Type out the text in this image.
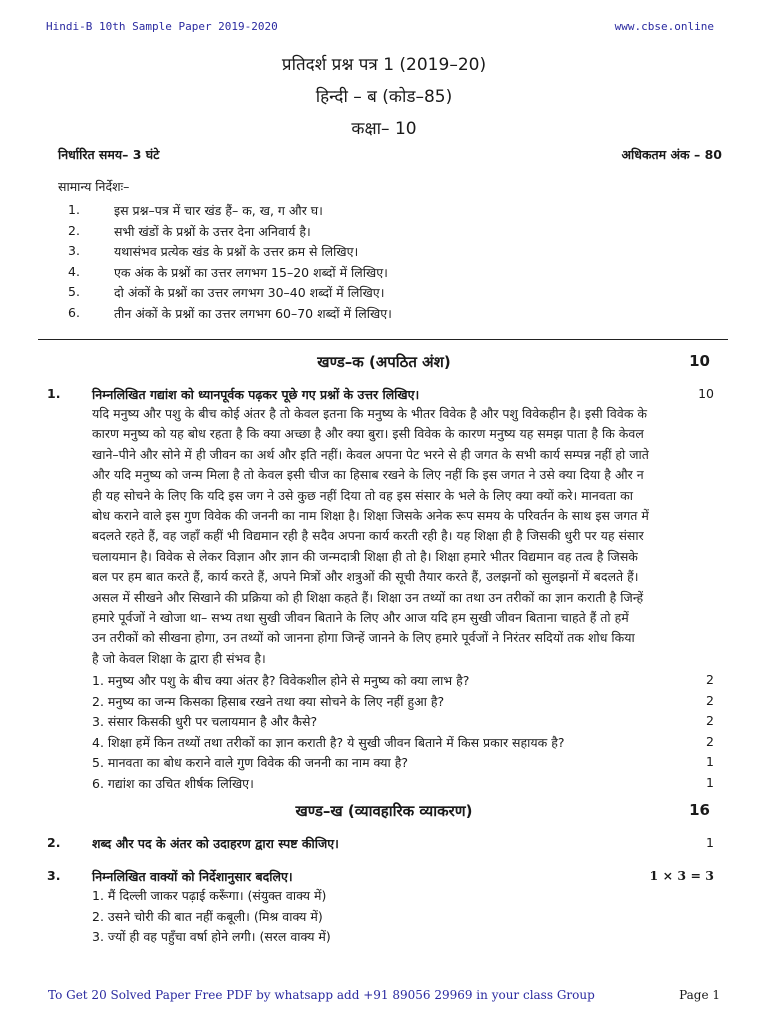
Hindi-B 10th Sample Paper 2019-2020	www.cbse.online
प्रतिदर्श प्रश्न पत्र 1 (2019–20)
हिन्दी – ब (कोड–85)
कक्षा– 10
निर्धारित समय– 3 घंटे	अधिकतम अंक – 80
सामान्य निर्देशः–
1.	इस प्रश्न–पत्र में चार खंड हैं– क, ख, ग और घ।
2.	सभी खंडों के प्रश्नों के उत्तर देना अनिवार्य है।
3.	यथासंभव प्रत्येक खंड के प्रश्नों के उत्तर क्रम से लिखिए।
4.	एक अंक के प्रश्नों का उत्तर लगभग 15–20 शब्दों में लिखिए।
5.	दो अंकों के प्रश्नों का उत्तर लगभग 30–40 शब्दों में लिखिए।
6.	तीन अंकों के प्रश्नों का उत्तर लगभग 60–70 शब्दों में लिखिए।
खण्ड–क (अपठित अंश)	10
1.	निम्नलिखित गद्यांश को ध्यानपूर्वक पढ़कर पूछे गए प्रश्नों के उत्तर लिखिए।	10
यदि मनुष्य और पशु के बीच कोई अंतर है तो केवल इतना कि मनुष्य के भीतर विवेक है और पशु विवेकहीन है। इसी विवेक के
कारण मनुष्य को यह बोध रहता है कि क्या अच्छा है और क्या बुरा। इसी विवेक के कारण मनुष्य यह समझ पाता है कि केवल
खाने–पीने और सोने में ही जीवन का अर्थ और इति नहीं। केवल अपना पेट भरने से ही जगत के सभी कार्य सम्पन्न नहीं हो जाते
और यदि मनुष्य को जन्म मिला है तो केवल इसी चीज का हिसाब रखने के लिए नहीं कि इस जगत ने उसे क्या दिया है और न
ही यह सोचने के लिए कि यदि इस जग ने उसे कुछ नहीं दिया तो वह इस संसार के भले के लिए क्या क्यों करे। मानवता का
बोध कराने वाले इस गुण विवेक की जननी का नाम शिक्षा है। शिक्षा जिसके अनेक रूप समय के परिवर्तन के साथ इस जगत में
बदलते रहते हैं, वह जहाँ कहीं भी विद्यमान रही है सदैव अपना कार्य करती रही है। यह शिक्षा ही है जिसकी धुरी पर यह संसार
चलायमान है। विवेक से लेकर विज्ञान और ज्ञान की जन्मदात्री शिक्षा ही तो है। शिक्षा हमारे भीतर विद्यमान वह तत्व है जिसके
बल पर हम बात करते हैं, कार्य करते हैं, अपने मित्रों और शत्रुओं की सूची तैयार करते हैं, उलझनों को सुलझनों में बदलते हैं।
असल में सीखने और सिखाने की प्रक्रिया को ही शिक्षा कहते हैं। शिक्षा उन तथ्यों का तथा उन तरीकों का ज्ञान कराती है जिन्हें
हमारे पूर्वजों ने खोजा था– सभ्य तथा सुखी जीवन बिताने के लिए और आज यदि हम सुखी जीवन बिताना चाहते हैं तो हमें
उन तरीकों को सीखना होगा, उन तथ्यों को जानना होगा जिन्हें जानने के लिए हमारे पूर्वजों ने निरंतर सदियों तक शोध किया
है जो केवल शिक्षा के द्वारा ही संभव है।
1. मनुष्य और पशु के बीच क्या अंतर है? विवेकशील होने से मनुष्य को क्या लाभ है?	2
2. मनुष्य का जन्म किसका हिसाब रखने तथा क्या सोचने के लिए नहीं हुआ है?	2
3. संसार किसकी धुरी पर चलायमान है और कैसे?	2
4. शिक्षा हमें किन तथ्यों तथा तरीकों का ज्ञान कराती है? ये सुखी जीवन बिताने में किस प्रकार सहायक है?	2
5. मानवता का बोध कराने वाले गुण विवेक की जननी का नाम क्या है?	1
6. गद्यांश का उचित शीर्षक लिखिए।	1
खण्ड–ख (व्यावहारिक व्याकरण)	16
2.	शब्द और पद के अंतर को उदाहरण द्वारा स्पष्ट कीजिए।	1
3.	निम्नलिखित वाक्यों को निर्देशानुसार बदलिए।	1 × 3 = 3
1. मैं दिल्ली जाकर पढ़ाई करूँगा। (संयुक्त वाक्य में)
2. उसने चोरी की बात नहीं कबूली। (मिश्र वाक्य में)
3. ज्यों ही वह पहुँचा वर्षा होने लगी। (सरल वाक्य में)
To Get 20 Solved Paper Free PDF by whatsapp add +91 89056 29969 in your class Group	Page 1
